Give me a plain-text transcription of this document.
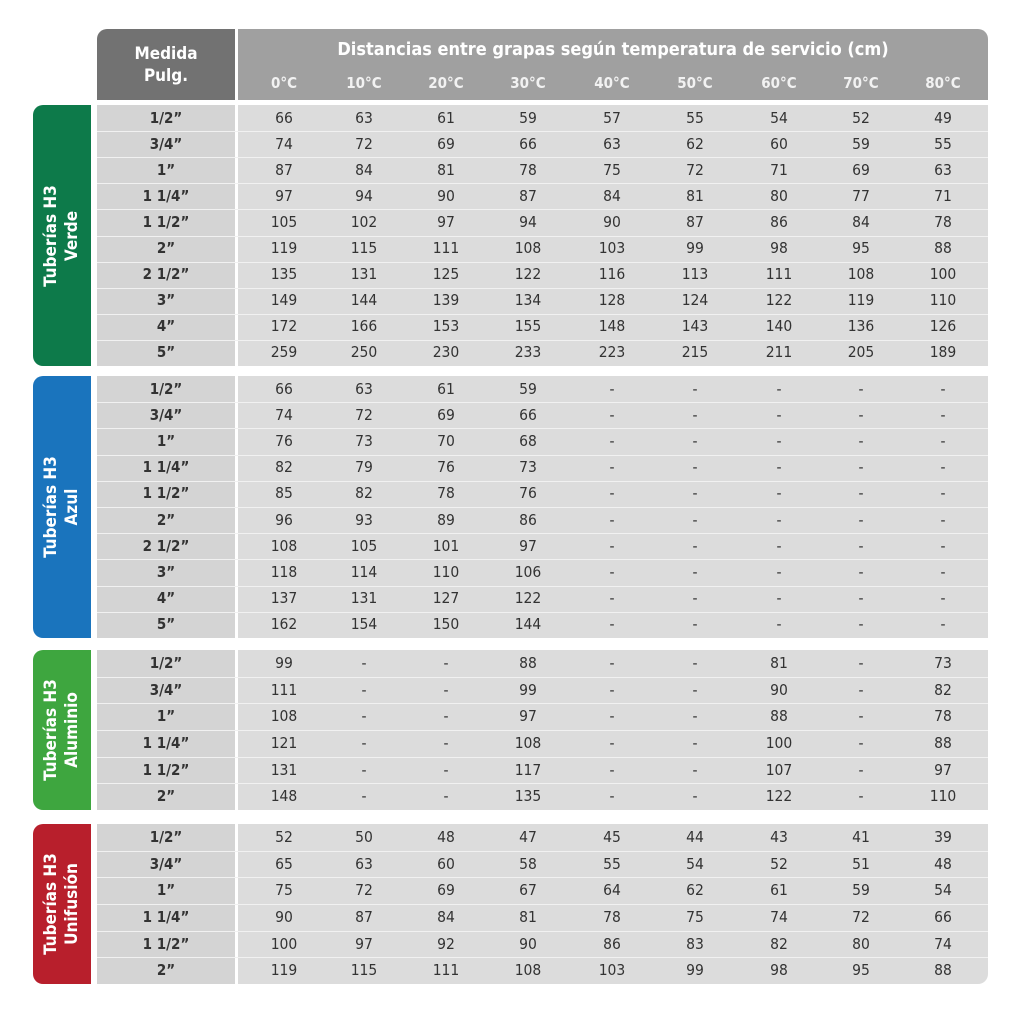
Medida
Pulg.
Distancias entre grapas según temperatura de servicio (cm)
0°C	10°C	20°C	30°C	40°C	50°C	60°C	70°C	80°C
Tuberías H3 Verde
1/2”	66	63	61	59	57	55	54	52	49
3/4”	74	72	69	66	63	62	60	59	55
1”	87	84	81	78	75	72	71	69	63
1 1/4”	97	94	90	87	84	81	80	77	71
1 1/2”	105	102	97	94	90	87	86	84	78
2”	119	115	111	108	103	99	98	95	88
2 1/2”	135	131	125	122	116	113	111	108	100
3”	149	144	139	134	128	124	122	119	110
4”	172	166	153	155	148	143	140	136	126
5”	259	250	230	233	223	215	211	205	189
Tuberías H3 Azul
1/2”	66	63	61	59	-	-	-	-	-
3/4”	74	72	69	66	-	-	-	-	-
1”	76	73	70	68	-	-	-	-	-
1 1/4”	82	79	76	73	-	-	-	-	-
1 1/2”	85	82	78	76	-	-	-	-	-
2”	96	93	89	86	-	-	-	-	-
2 1/2”	108	105	101	97	-	-	-	-	-
3”	118	114	110	106	-	-	-	-	-
4”	137	131	127	122	-	-	-	-	-
5”	162	154	150	144	-	-	-	-	-
Tuberías H3 Aluminio
1/2”	99	-	-	88	-	-	81	-	73
3/4”	111	-	-	99	-	-	90	-	82
1”	108	-	-	97	-	-	88	-	78
1 1/4”	121	-	-	108	-	-	100	-	88
1 1/2”	131	-	-	117	-	-	107	-	97
2”	148	-	-	135	-	-	122	-	110
Tuberías H3 Unifusión
1/2”	52	50	48	47	45	44	43	41	39
3/4”	65	63	60	58	55	54	52	51	48
1”	75	72	69	67	64	62	61	59	54
1 1/4”	90	87	84	81	78	75	74	72	66
1 1/2”	100	97	92	90	86	83	82	80	74
2”	119	115	111	108	103	99	98	95	88
